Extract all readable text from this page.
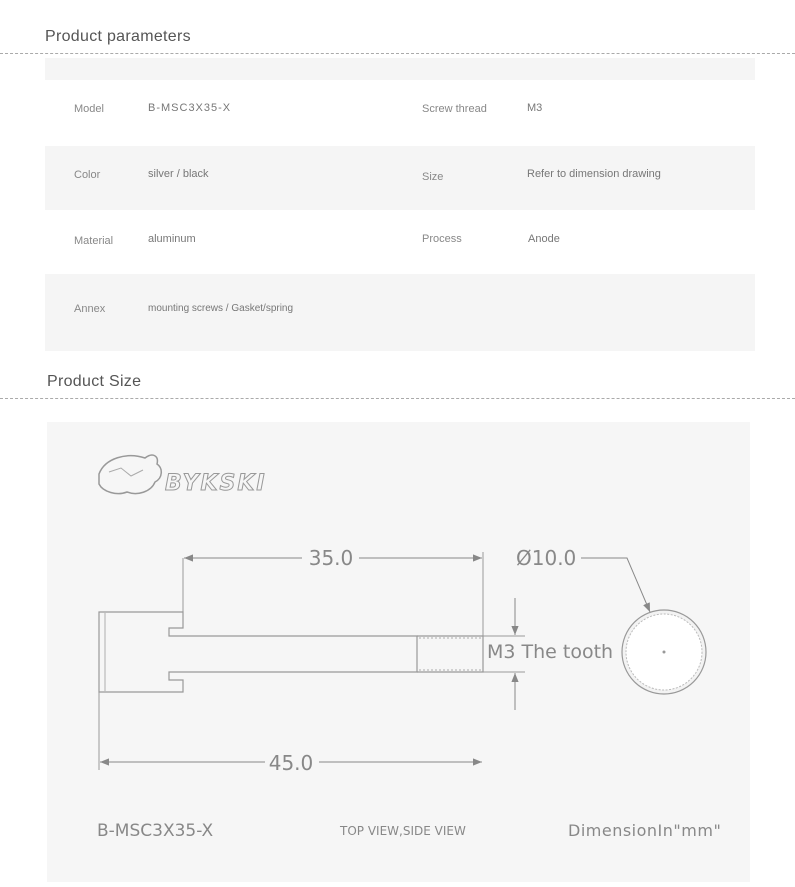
Product parameters
Model	B-MSC3X35-X	Screw thread	M3
Color	silver / black	Size	Refer to dimension drawing
Material	aluminum	Process	Anode
Annex	mounting screws / Gasket/spring
Product Size
BYKSKI
35.0
45.0
M3 The tooth
Ø10.0
B-MSC3X35-X	TOP VIEW,SIDE VIEW	DimensionIn"mm"
